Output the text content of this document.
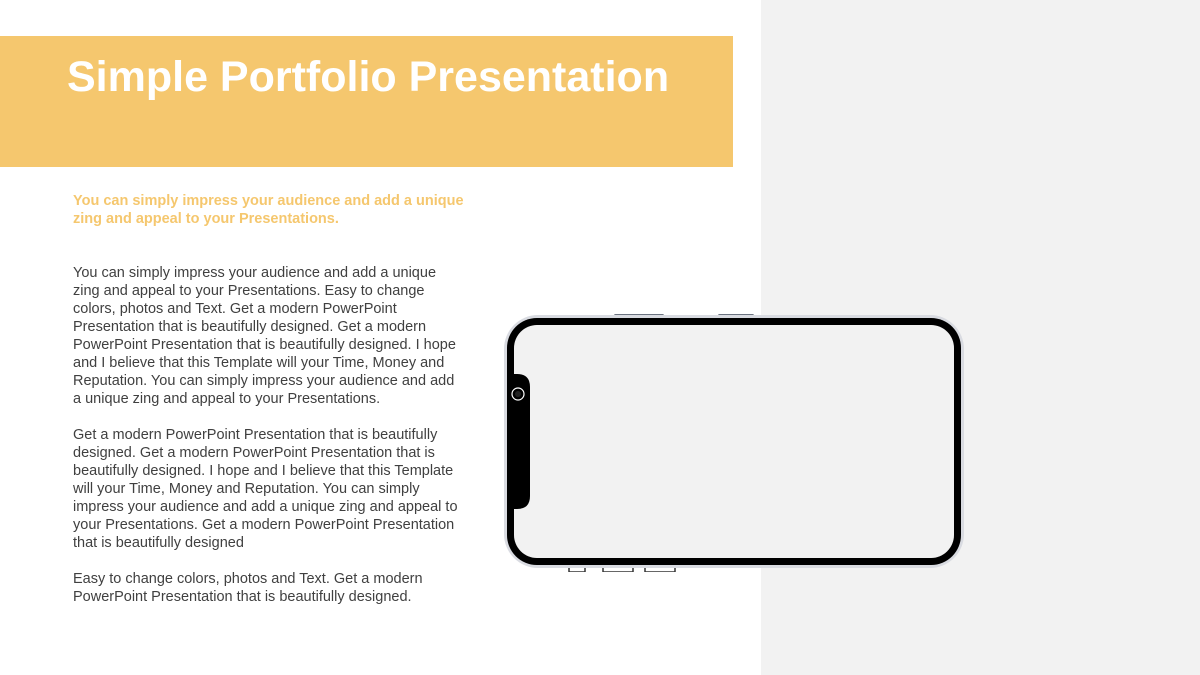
Simple Portfolio Presentation

You can simply impress your audience and add a unique zing and appeal to your Presentations.

You can simply impress your audience and add a unique zing and appeal to your Presentations. Easy to change colors, photos and Text. Get a modern PowerPoint Presentation that is beautifully designed. Get a modern PowerPoint Presentation that is beautifully designed. I hope and I believe that this Template will your Time, Money and Reputation. You can simply impress your audience and add a unique zing and appeal to your Presentations.

Get a modern PowerPoint Presentation that is beautifully designed. Get a modern PowerPoint Presentation that is beautifully designed. I hope and I believe that this Template will your Time, Money and Reputation. You can simply impress your audience and add a unique zing and appeal to your Presentations. Get a modern PowerPoint Presentation that is beautifully designed

Easy to change colors, photos and Text. Get a modern PowerPoint Presentation that is beautifully designed.
